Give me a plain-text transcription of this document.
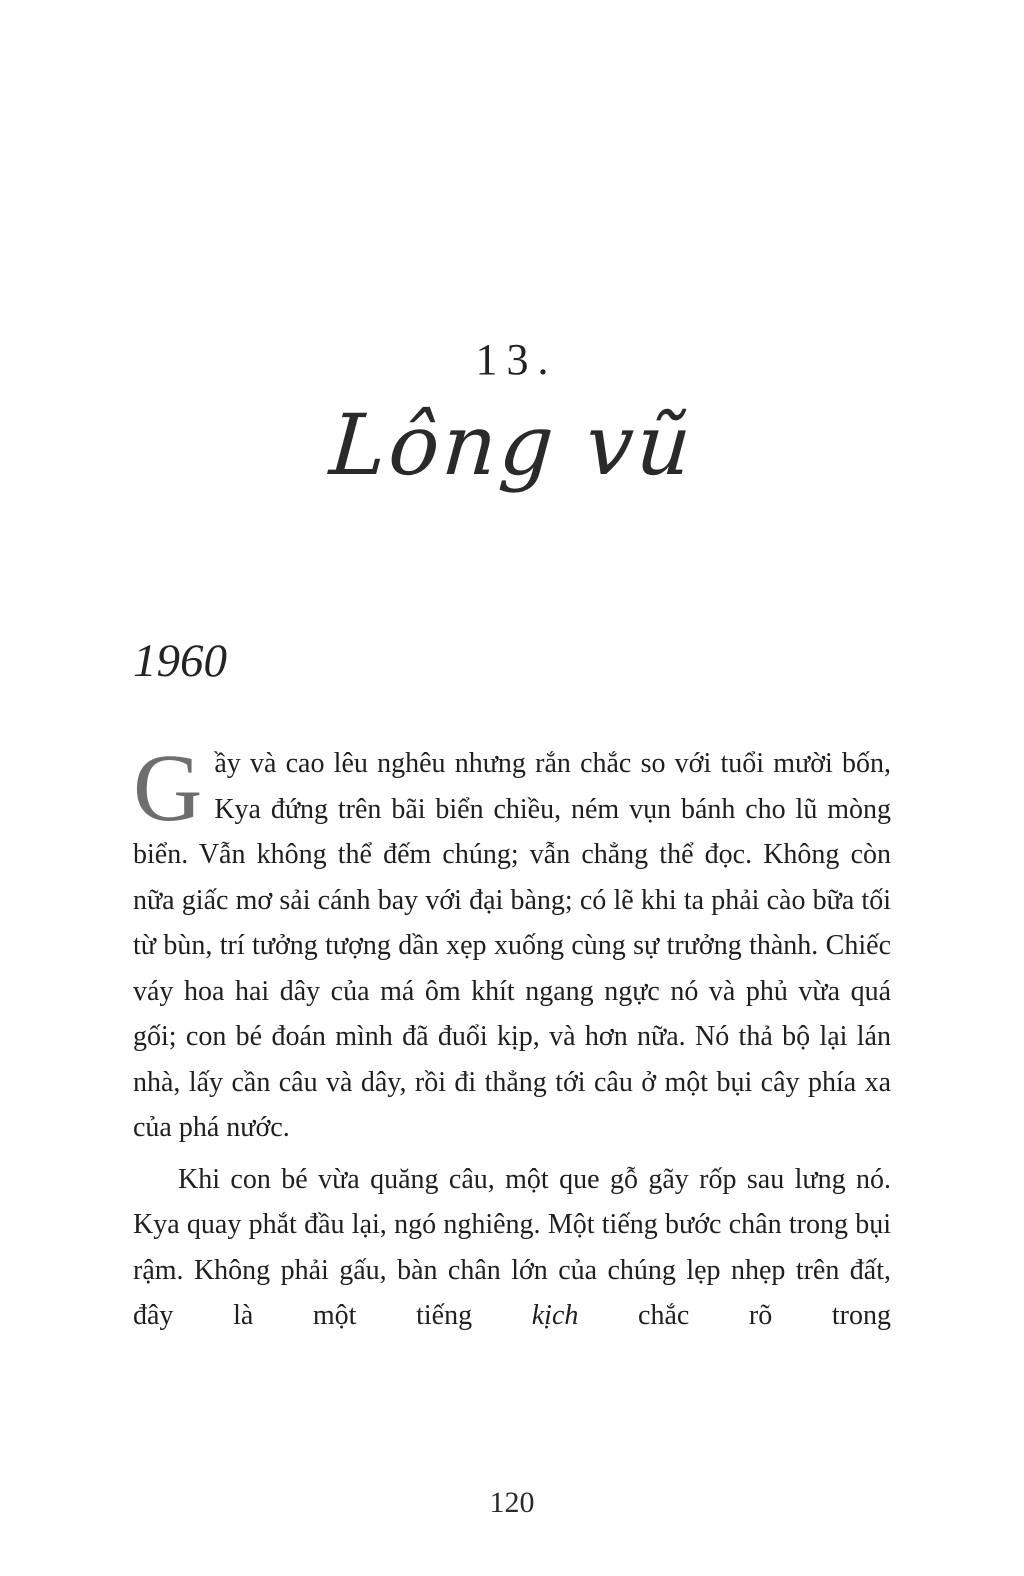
13.
Lông vũ
1960

Gầy và cao lêu nghêu nhưng rắn chắc so với tuổi mười bốn, Kya đứng trên bãi biển chiều, ném vụn bánh cho lũ mòng biển. Vẫn không thể đếm chúng; vẫn chẳng thể đọc. Không còn nữa giấc mơ sải cánh bay với đại bàng; có lẽ khi ta phải cào bữa tối từ bùn, trí tưởng tượng dần xẹp xuống cùng sự trưởng thành. Chiếc váy hoa hai dây của má ôm khít ngang ngực nó và phủ vừa quá gối; con bé đoán mình đã đuổi kịp, và hơn nữa. Nó thả bộ lại lán nhà, lấy cần câu và dây, rồi đi thẳng tới câu ở một bụi cây phía xa của phá nước.

Khi con bé vừa quăng câu, một que gỗ gãy rốp sau lưng nó. Kya quay phắt đầu lại, ngó nghiêng. Một tiếng bước chân trong bụi rậm. Không phải gấu, bàn chân lớn của chúng lẹp nhẹp trên đất, đây là một tiếng kịch chắc rõ trong

120
